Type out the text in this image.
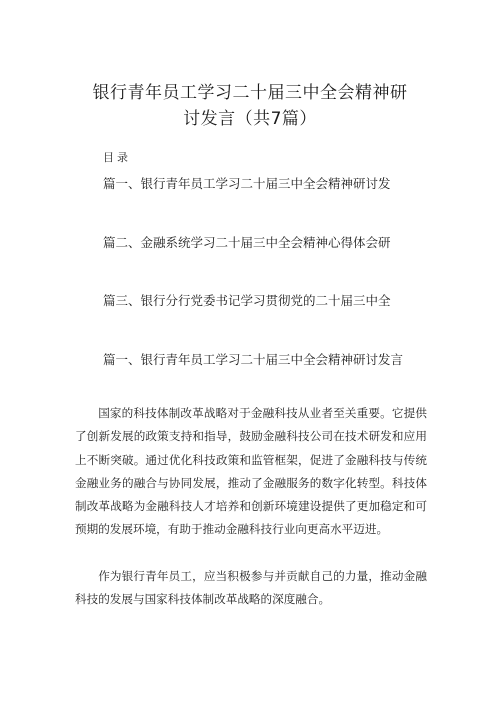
银行青年员工学习二十届三中全会精神研
讨发言（共7篇）
目录
篇一、银行青年员工学习二十届三中全会精神研讨发
篇二、金融系统学习二十届三中全会精神心得体会研
篇三、银行分行党委书记学习贯彻党的二十届三中全
篇一、银行青年员工学习二十届三中全会精神研讨发言

国家的科技体制改革战略对于金融科技从业者至关重要。它提供了创新发展的政策支持和指导，鼓励金融科技公司在技术研发和应用上不断突破。通过优化科技政策和监管框架，促进了金融科技与传统金融业务的融合与协同发展，推动了金融服务的数字化转型。科技体制改革战略为金融科技人才培养和创新环境建设提供了更加稳定和可预期的发展环境，有助于推动金融科技行业向更高水平迈进。

作为银行青年员工，应当积极参与并贡献自己的力量，推动金融科技的发展与国家科技体制改革战略的深度融合。
